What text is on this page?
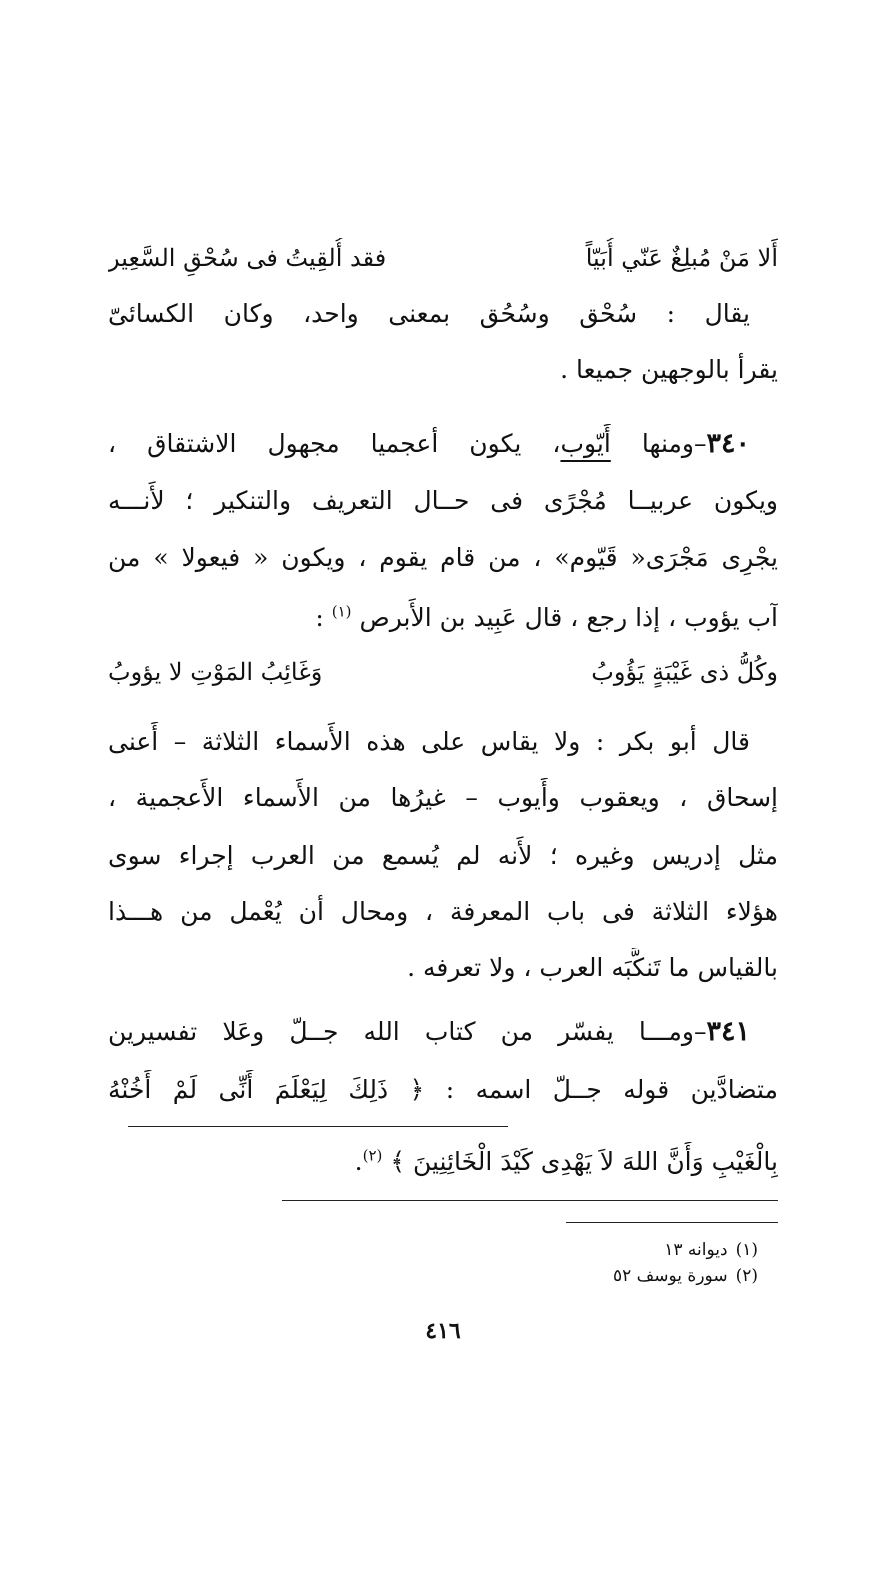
أَلا مَنْ مُبلِغٌ عَنّي أُبَيّاً
فقد أُلقِيتُ فى سُحْقِ السَّعِير
يقال : سُحْق وسُحُق بمعنى واحد، وكان الكسائىّ
يقرأ بالوجهين جميعا .
٣٤٠–ومنها أَيّوب، يكون أعجميا مجهول الاشتقاق ،
ويكون عربيــا مُجْرًى فى حــال التعريف والتنكير ؛ لأَنـــه
يجْرِى مَجْرَى« قَيّوم» ، من قام يقوم ، ويكون « فيعولا » من
آب يؤوب ، إذا رجع ، قال عَبِيد بن الأَبرص $^{(١)}$ :
وكُلُّ ذى غَيْبَةٍ يَؤُوبُ
وَغَائِبُ المَوْتِ لا يؤوبُ
قال أبو بكر : ولا يقاس على هذه الأَسماء الثلاثة – أَعنى
إسحاق ، ويعقوب وأَيوب – غيرُها من الأَسماء الأَعجمية ،
مثل إدريس وغيره ؛ لأَنه لم يُسمع من العرب إجراء سوى
هؤلاء الثلاثة فى باب المعرفة ، ومحال أن يُعْمل من هـــذا
بالقياس ما تَنكَّبَه العرب ، ولا تعرفه .
٣٤١–ومـــا يفسّر من كتاب الله جــلّ وعَلا تفسيرين
متضادَّين قوله جــلّ اسمه : ﴿ ذَلِكَ لِيَعْلَمَ أَنِّى لَمْ أَخُنْهُ
بِالْغَيْبِ وَأَنَّ اللهَ لاَ يَهْدِى كَيْدَ الْخَائِنِينَ ﴾ $^{(٢)}$.
(١)ديوانه ١٣
(٢)سورة يوسف ٥٢
٤١٦
